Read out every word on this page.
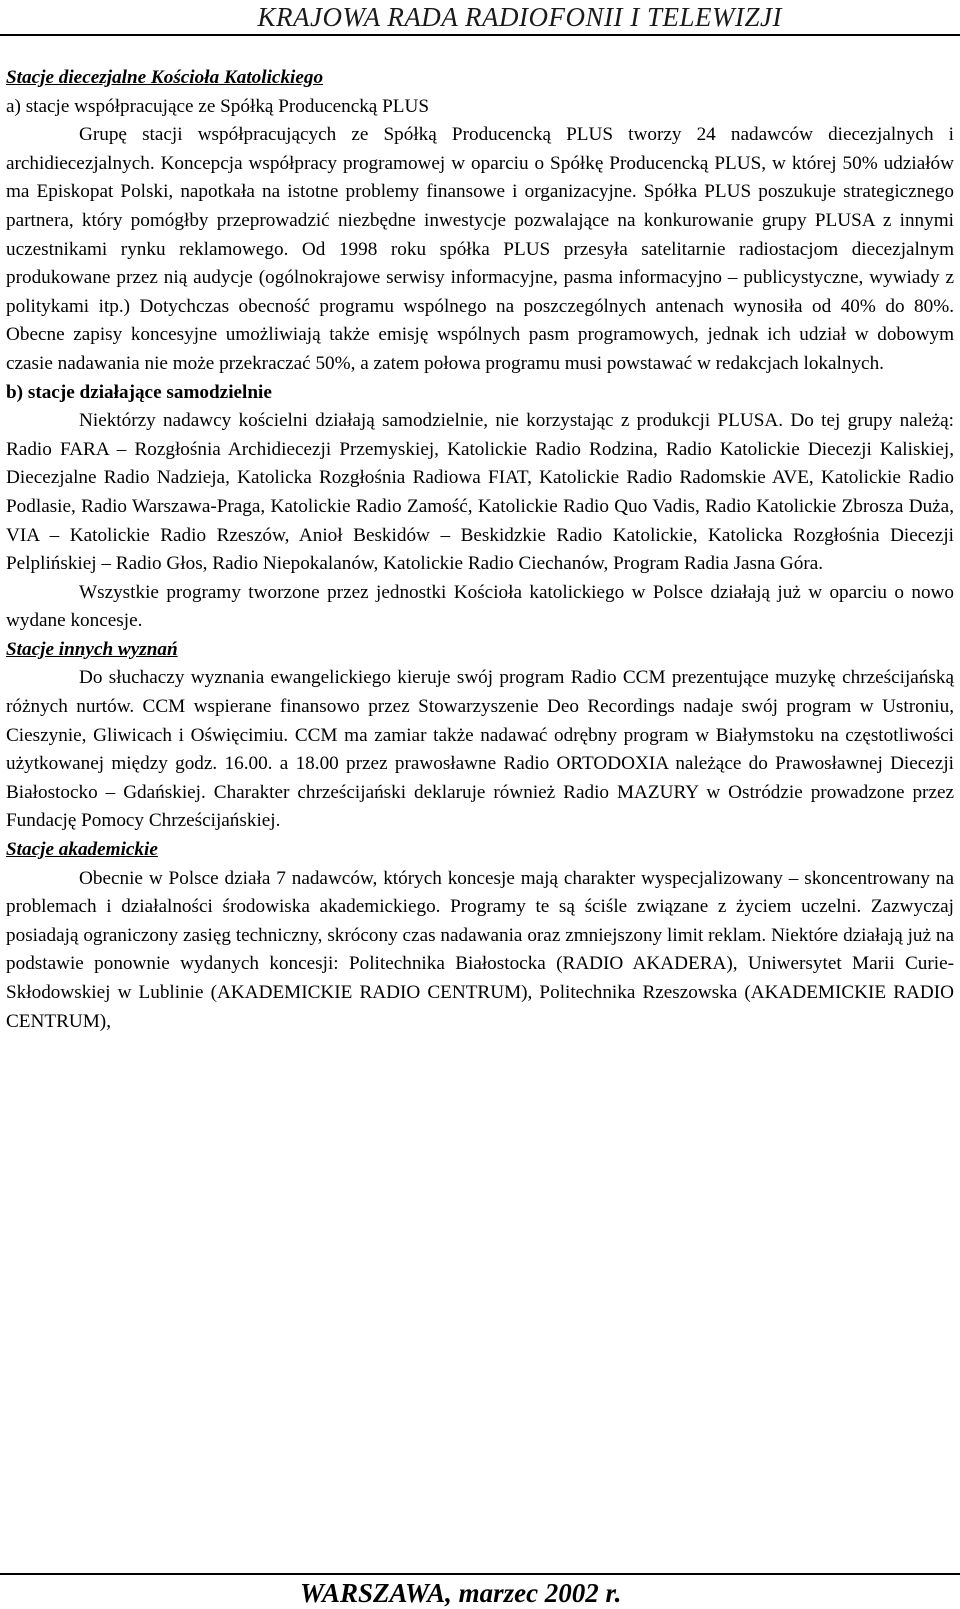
KRAJOWA RADA RADIOFONII I TELEWIZJI

Stacje diecezjalne Kościoła Katolickiego

a) stacje współpracujące ze Spółką Producencką PLUS

Grupę stacji współpracujących ze Spółką Producencką PLUS tworzy 24 nadawców diecezjalnych i archidiecezjalnych. Koncepcja współpracy programowej w oparciu o Spółkę Producencką PLUS, w której 50% udziałów ma Episkopat Polski, napotkała na istotne problemy finansowe i organizacyjne. Spółka PLUS poszukuje strategicznego partnera, który pomógłby przeprowadzić niezbędne inwestycje pozwalające na konkurowanie grupy PLUSA z innymi uczestnikami rynku reklamowego. Od 1998 roku spółka PLUS przesyła satelitarnie radiostacjom diecezjalnym produkowane przez nią audycje (ogólnokrajowe serwisy informacyjne, pasma informacyjno – publicystyczne, wywiady z politykami itp.) Dotychczas obecność programu wspólnego na poszczególnych antenach wynosiła od 40% do 80%. Obecne zapisy koncesyjne umożliwiają także emisję wspólnych pasm programowych, jednak ich udział w dobowym czasie nadawania nie może przekraczać 50%, a zatem połowa programu musi powstawać w redakcjach lokalnych.

b) stacje działające samodzielnie

Niektórzy nadawcy kościelni działają samodzielnie, nie korzystając z produkcji PLUSA. Do tej grupy należą: Radio FARA – Rozgłośnia Archidiecezji Przemyskiej, Katolickie Radio Rodzina, Radio Katolickie Diecezji Kaliskiej, Diecezjalne Radio Nadzieja, Katolicka Rozgłośnia Radiowa FIAT, Katolickie Radio Radomskie AVE, Katolickie Radio Podlasie, Radio Warszawa-Praga, Katolickie Radio Zamość, Katolickie Radio Quo Vadis, Radio Katolickie Zbrosza Duża, VIA – Katolickie Radio Rzeszów, Anioł Beskidów – Beskidzkie Radio Katolickie, Katolicka Rozgłośnia Diecezji Pelplińskiej – Radio Głos, Radio Niepokalanów, Katolickie Radio Ciechanów, Program Radia Jasna Góra.

Wszystkie programy tworzone przez jednostki Kościoła katolickiego w Polsce działają już w oparciu o nowo wydane koncesje.

Stacje innych wyznań

Do słuchaczy wyznania ewangelickiego kieruje swój program Radio CCM prezentujące muzykę chrześcijańską różnych nurtów. CCM wspierane finansowo przez Stowarzyszenie Deo Recordings nadaje swój program w Ustroniu, Cieszynie, Gliwicach i Oświęcimiu. CCM ma zamiar także nadawać odrębny program w Białymstoku na częstotliwości użytkowanej między godz. 16.00. a 18.00 przez prawosławne Radio ORTODOXIA należące do Prawosławnej Diecezji Białostocko – Gdańskiej. Charakter chrześcijański deklaruje również Radio MAZURY w Ostródzie prowadzone przez Fundację Pomocy Chrześcijańskiej.

Stacje akademickie

Obecnie w Polsce działa 7 nadawców, których koncesje mają charakter wyspecjalizowany – skoncentrowany na problemach i działalności środowiska akademickiego. Programy te są ściśle związane z życiem uczelni. Zazwyczaj posiadają ograniczony zasięg techniczny, skrócony czas nadawania oraz zmniejszony limit reklam. Niektóre działają już na podstawie ponownie wydanych koncesji: Politechnika Białostocka (RADIO AKADERA), Uniwersytet Marii Curie-Skłodowskiej w Lublinie (AKADEMICKIE RADIO CENTRUM), Politechnika Rzeszowska (AKADEMICKIE RADIO CENTRUM),

WARSZAWA, marzec 2002 r.
